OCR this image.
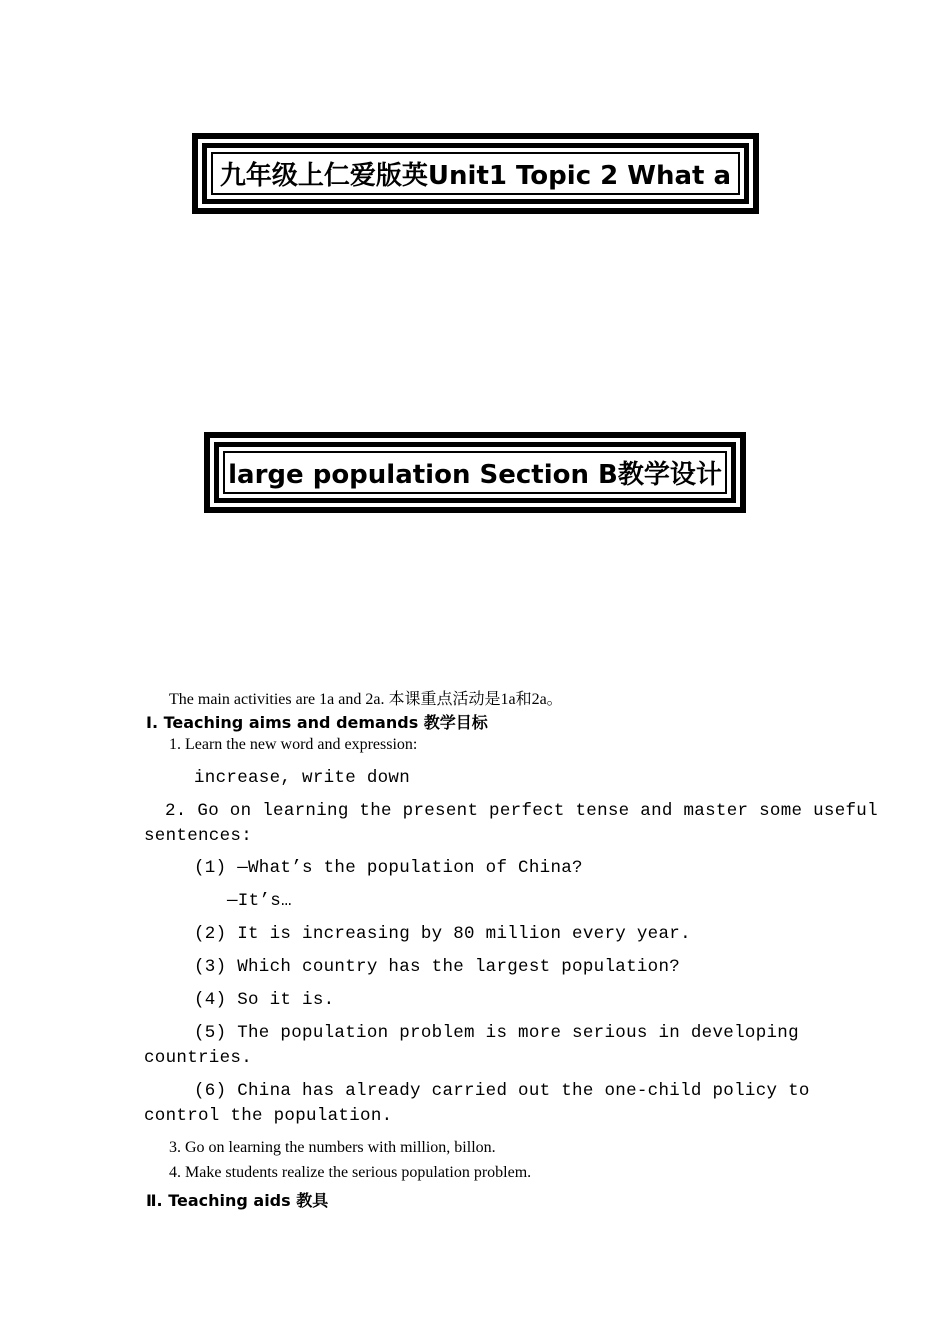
九年级上仁爱版英Unit1 Topic 2 What a
large population Section B教学设计
The main activities are 1a and 2a. 本课重点活动是1a和2a。
Ⅰ. Teaching aims and demands 教学目标
1. Learn the new word and expression:
increase, write down
2. Go on learning the present perfect tense and master some useful
sentences:
(1) —What’s the population of China?
—It’s…
(2) It is increasing by 80 million every year.
(3) Which country has the largest population?
(4) So it is.
(5) The population problem is more serious in developing
countries.
(6) China has already carried out the one-child policy to
control the population.
3. Go on learning the numbers with million, billon.
4. Make students realize the serious population problem.
Ⅱ. Teaching aids 教具
